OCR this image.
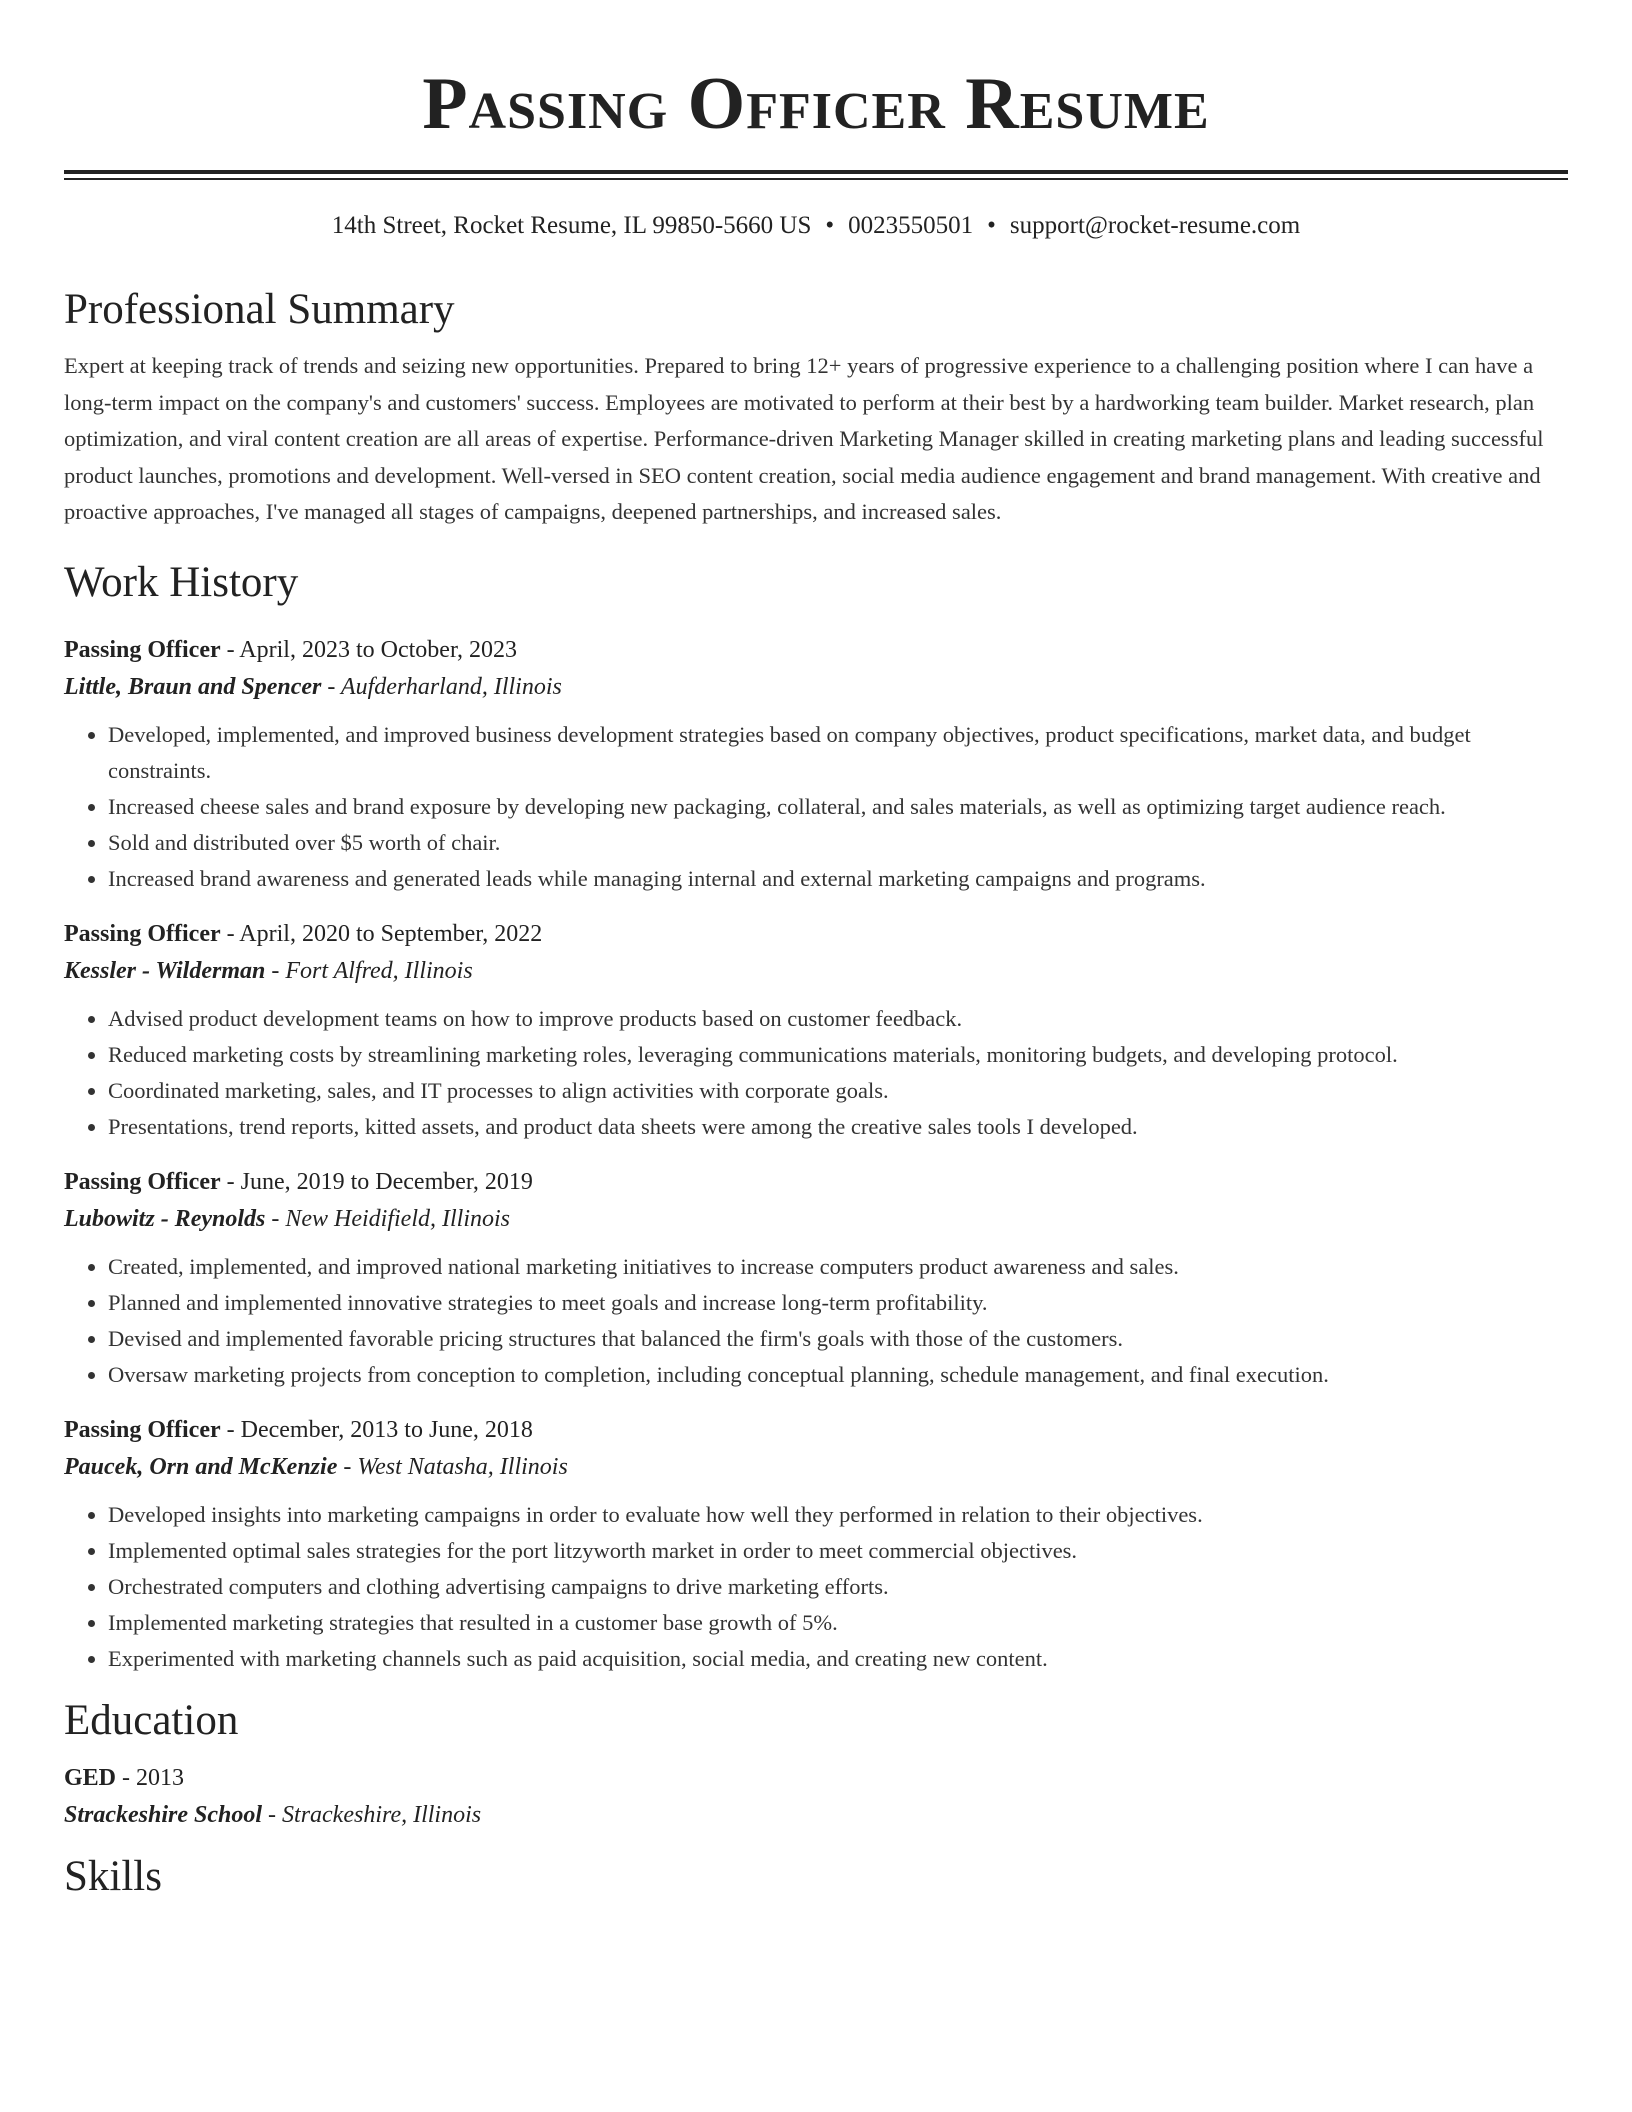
Passing Officer Resume
14th Street, Rocket Resume, IL 99850-5660 US • 0023550501 • support@rocket-resume.com
Professional Summary
Expert at keeping track of trends and seizing new opportunities. Prepared to bring 12+ years of progressive experience to a challenging position where I can have a long-term impact on the company's and customers' success. Employees are motivated to perform at their best by a hardworking team builder. Market research, plan optimization, and viral content creation are all areas of expertise. Performance-driven Marketing Manager skilled in creating marketing plans and leading successful product launches, promotions and development. Well-versed in SEO content creation, social media audience engagement and brand management. With creative and proactive approaches, I've managed all stages of campaigns, deepened partnerships, and increased sales.
Work History
Passing Officer - April, 2023 to October, 2023
Little, Braun and Spencer - Aufderharland, Illinois
• Developed, implemented, and improved business development strategies based on company objectives, product specifications, market data, and budget constraints.
• Increased cheese sales and brand exposure by developing new packaging, collateral, and sales materials, as well as optimizing target audience reach.
• Sold and distributed over $5 worth of chair.
• Increased brand awareness and generated leads while managing internal and external marketing campaigns and programs.
Passing Officer - April, 2020 to September, 2022
Kessler - Wilderman - Fort Alfred, Illinois
• Advised product development teams on how to improve products based on customer feedback.
• Reduced marketing costs by streamlining marketing roles, leveraging communications materials, monitoring budgets, and developing protocol.
• Coordinated marketing, sales, and IT processes to align activities with corporate goals.
• Presentations, trend reports, kitted assets, and product data sheets were among the creative sales tools I developed.
Passing Officer - June, 2019 to December, 2019
Lubowitz - Reynolds - New Heidifield, Illinois
• Created, implemented, and improved national marketing initiatives to increase computers product awareness and sales.
• Planned and implemented innovative strategies to meet goals and increase long-term profitability.
• Devised and implemented favorable pricing structures that balanced the firm's goals with those of the customers.
• Oversaw marketing projects from conception to completion, including conceptual planning, schedule management, and final execution.
Passing Officer - December, 2013 to June, 2018
Paucek, Orn and McKenzie - West Natasha, Illinois
• Developed insights into marketing campaigns in order to evaluate how well they performed in relation to their objectives.
• Implemented optimal sales strategies for the port litzyworth market in order to meet commercial objectives.
• Orchestrated computers and clothing advertising campaigns to drive marketing efforts.
• Implemented marketing strategies that resulted in a customer base growth of 5%.
• Experimented with marketing channels such as paid acquisition, social media, and creating new content.
Education
GED - 2013
Strackeshire School - Strackeshire, Illinois
Skills
